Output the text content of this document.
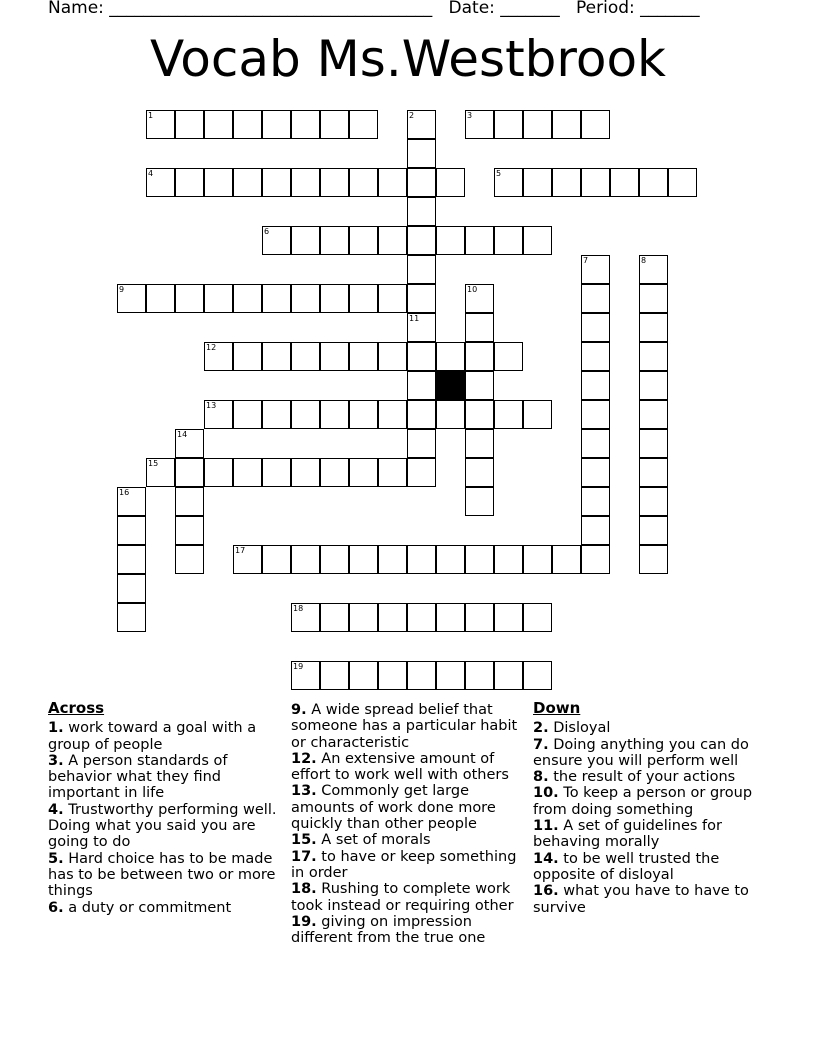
Name: ______________________________________ Date: _______ Period: _______
Vocab Ms.Westbrook
1	3
4	5
6
9
12
13
15
17
18
19
2
11
7	8
10
14
16
Across
1. work toward a goal with a group of people
3. A person standards of behavior what they find important in life
4. Trustworthy performing well. Doing what you said you are going to do
5. Hard choice has to be made has to be between two or more things
6. a duty or commitment
9. A wide spread belief that someone has a particular habit or characteristic
12. An extensive amount of effort to work well with others
13. Commonly get large amounts of work done more quickly than other people
15. A set of morals
17. to have or keep something in order
18. Rushing to complete work took instead or requiring other
19. giving on impression different from the true one
Down
2. Disloyal
7. Doing anything you can do ensure you will perform well
8. the result of your actions
10. To keep a person or group from doing something
11. A set of guidelines for behaving morally
14. to be well trusted the opposite of disloyal
16. what you have to have to survive
